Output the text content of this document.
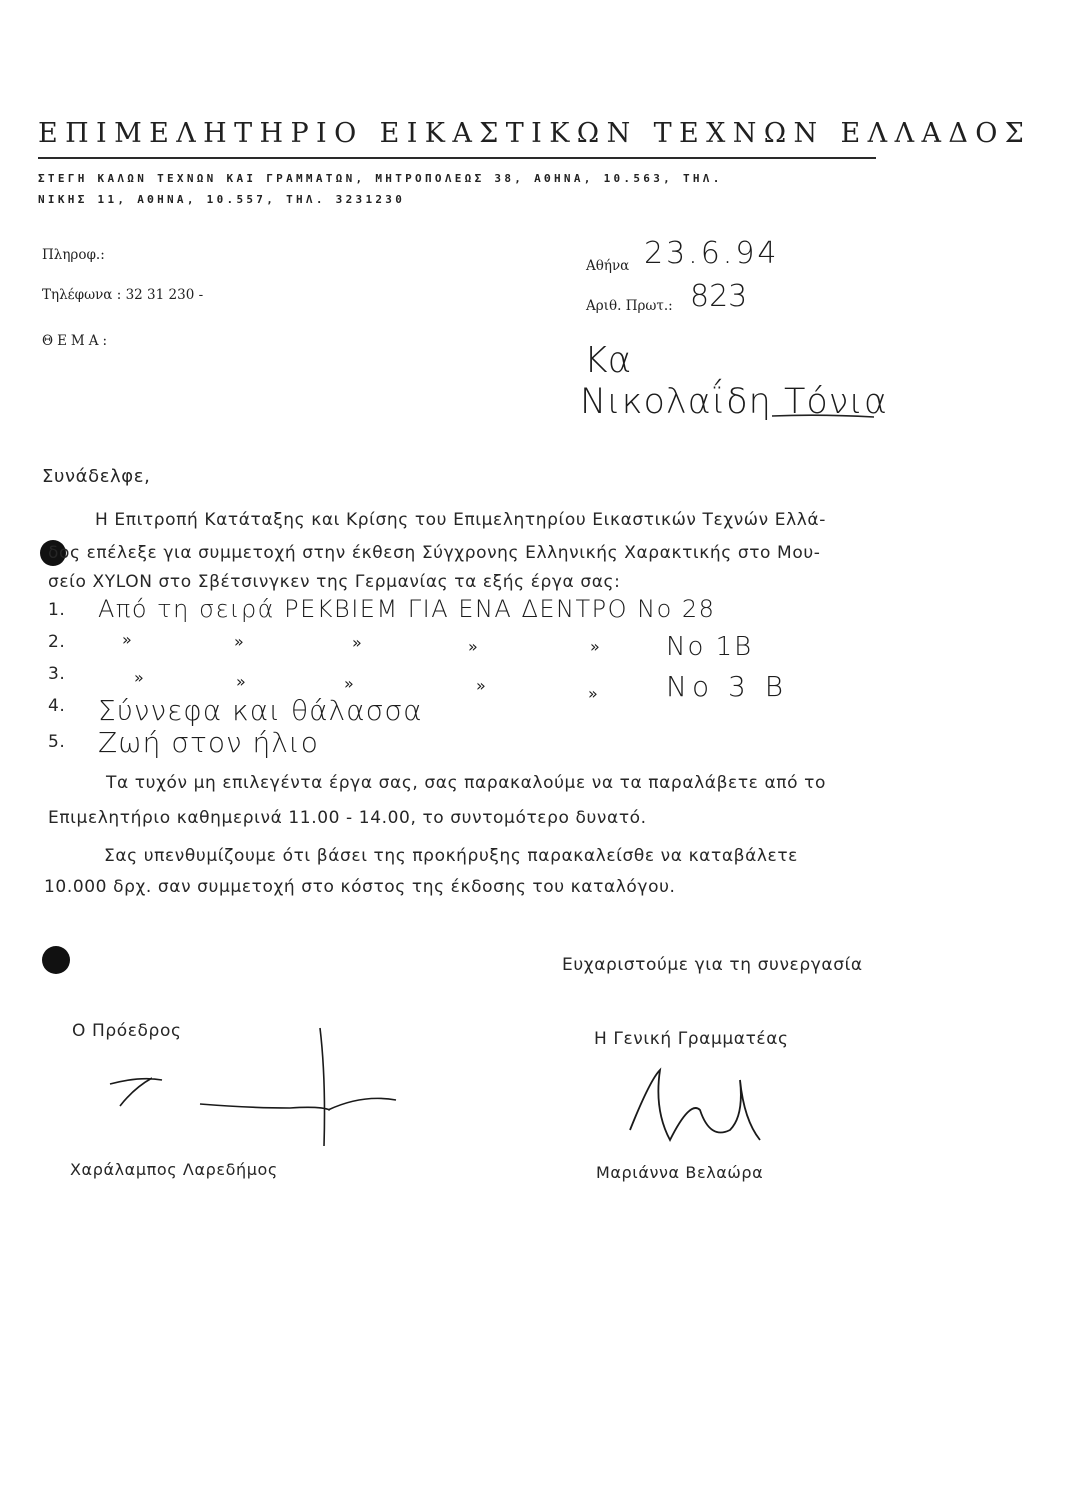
ΕΠΙΜΕΛΗΤΗΡΙΟ ΕΙΚΑΣΤΙΚΩΝ ΤΕΧΝΩΝ ΕΛΛΑΔΟΣ
ΣΤΕΓΗ ΚΑΛΩΝ ΤΕΧΝΩΝ ΚΑΙ ΓΡΑΜΜΑΤΩΝ, ΜΗΤΡΟΠΟΛΕΩΣ 38, ΑΘΗΝΑ, 10.563, ΤΗΛ.
ΝΙΚΗΣ 11, ΑΘΗΝΑ, 10.557, ΤΗΛ. 3231230
Πληροφ.:
Τηλέφωνα : 32 31 230 -
ΘΕΜΑ:
Αθήνα 23.6.94
Αριθ. Πρωτ.: 823
Κα
Νικολαΐδη Τόνια
Συνάδελφε,
Η Επιτροπή Κατάταξης και Κρίσης του Επιμελητηρίου Εικαστικών Τεχνών Ελλά-
δος επέλεξε για συμμετοχή στην έκθεση Σύγχρονης Ελληνικής Χαρακτικής στο Μου-
σείο XYLON στο Σβέτσινγκεν της Γερμανίας τα εξής έργα σας:
1. Από τη σειρά ΡΕΚΒΙΕΜ ΓΙΑ ΕΝΑ ΔΕΝΤΡΟ No 28
2.	»	»	»	»	»	No 1B
3.	»	»	»	»	» No 3 B
4. Σύννεφα και θάλασσα
5. Ζωή στον ήλιο
Τα τυχόν μη επιλεγέντα έργα σας, σας παρακαλούμε να τα παραλάβετε από το
Επιμελητήριο καθημερινά 11.00 - 14.00, το συντομότερο δυνατό.
Σας υπενθυμίζουμε ότι βάσει της προκήρυξης παρακαλείσθε να καταβάλετε
10.000 δρχ. σαν συμμετοχή στο κόστος της έκδοσης του καταλόγου.
Ευχαριστούμε για τη συνεργασία
Ο Πρόεδρος
Χαράλαμπος Λαρεδήμος
Η Γενική Γραμματέας
Μαριάννα Βελαώρα
